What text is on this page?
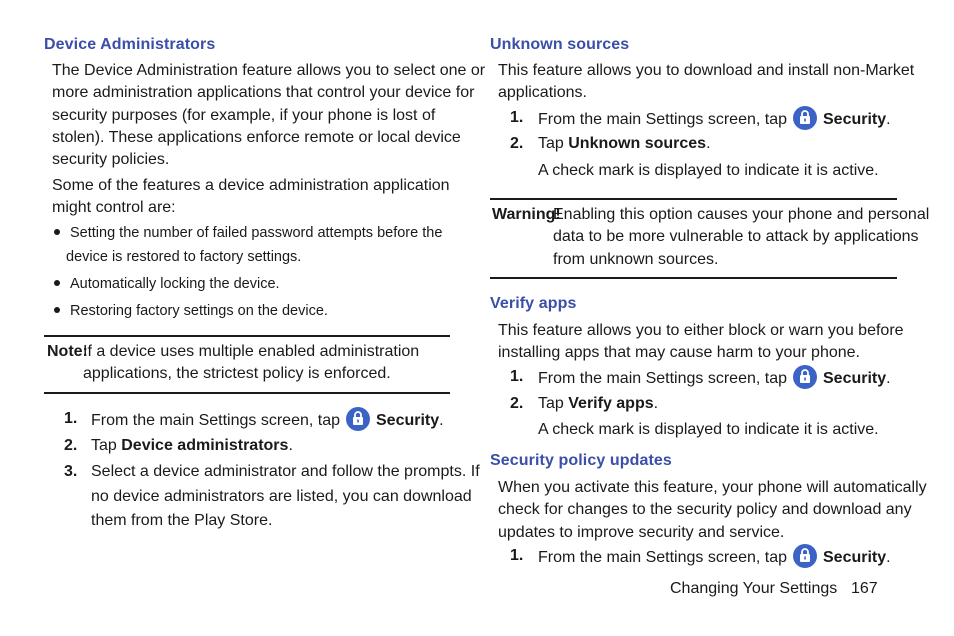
Device Administrators
The Device Administration feature allows you to select one or
more administration applications that control your device for
security purposes (for example, if your phone is lost of
stolen). These applications enforce remote or local device
security policies.
Some of the features a device administration application
might control are:
Setting the number of failed password attempts before the
device is restored to factory settings.
Automatically locking the device.
Restoring factory settings on the device.
Note:
If a device uses multiple enabled administration
applications, the strictest policy is enforced.
1. From the main Settings screen, tap Security.
2. Tap Device administrators.
3. Select a device administrator and follow the prompts. If
no device administrators are listed, you can download
them from the Play Store.
Unknown sources
This feature allows you to download and install non-Market
applications.
1. From the main Settings screen, tap Security.
2. Tap Unknown sources.
A check mark is displayed to indicate it is active.
Warning!
Enabling this option causes your phone and personal
data to be more vulnerable to attack by applications
from unknown sources.
Verify apps
This feature allows you to either block or warn you before
installing apps that may cause harm to your phone.
1. From the main Settings screen, tap Security.
2. Tap Verify apps.
A check mark is displayed to indicate it is active.
Security policy updates
When you activate this feature, your phone will automatically
check for changes to the security policy and download any
updates to improve security and service.
1. From the main Settings screen, tap Security.
Changing Your Settings 167
